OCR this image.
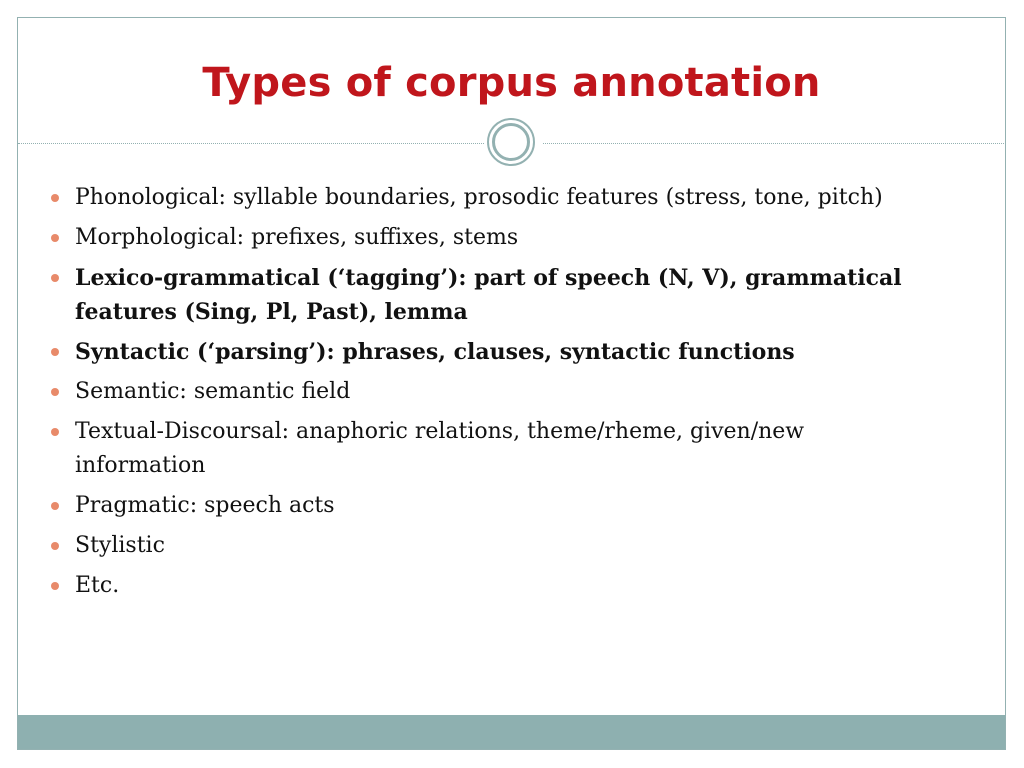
Types of corpus annotation
Phonological: syllable boundaries, prosodic features (stress, tone, pitch)
Morphological: prefixes, suffixes, stems
Lexico-grammatical (‘tagging’): part of speech (N, V), grammatical features (Sing, Pl, Past), lemma
Syntactic (‘parsing’): phrases, clauses, syntactic functions
Semantic: semantic field
Textual-Discoursal: anaphoric relations, theme/rheme, given/new information
Pragmatic: speech acts
Stylistic
Etc.
